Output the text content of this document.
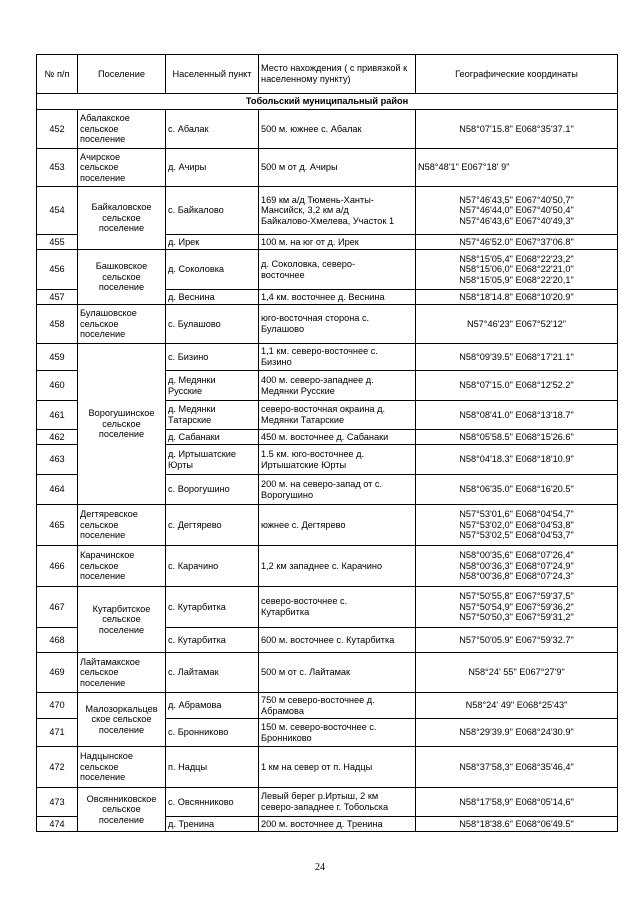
№ п/п	Поселение	Населенный пункт	Место нахождения ( с привязкой к населенному пункту)	Географические координаты
Тобольский муниципальный район				
452	Абалакское
сельское
поселение	с. Абалак	500 м. южнее с. Абалак	N58°07'15.8" E068°35'37.1"
453	Ачирское
сельское
поселение	д. Ачиры	500 м от д. Ачиры	N58°48'1" E067°18' 9"
454	Байкаловское
сельское
поселение	с. Байкалово	169 км а/д Тюмень-Ханты-
Мансийск, 3,2 км а/д
Байкалово-Хмелева, Участок 1	N57°46'43,5" E067°40'50,7"
N57°46'44,0" E067°40'50,4"
N57°46'43,6" E067°40'49,3"
455		д. Ирек	100 м. на юг от д. Ирек	N57°46'52.0" E067°37'06.8"
456	Башковское
сельское
поселение	д. Соколовка	д. Соколовка, северо-
восточнее	N58°15'05,4" E068°22'23,2"
N58°15'06,0" E068°22'21,0"
N58°15'05,9" E068°22'20,1"
457		д. Веснина	1,4 км. восточнее д. Веснина	N58°18'14.8" E068°10'20.9"
458	Булашовское
сельское
поселение	с. Булашово	юго-восточная сторона с.
Булашово	N57°46'23" E067°52'12"
459	Ворогушинское
сельское
поселение	с. Бизино	1,1 км. северо-восточнее с.
Бизино	N58°09'39.5" E068°17'21.1"
460		д. Медянки
Русские	400 м. северо-западнее д.
Медянки Русские	N58°07'15.0" E068°12'52.2"
461		д. Медянки
Татарские	северо-восточная окраина д.
Медянки Татарские	N58°08'41.0" E068°13'18.7"
462		д. Сабанаки	450 м. восточнее д. Сабанаки	N58°05'58.5" E068°15'26.6"
463		д. Иртышатские
Юрты	1.5 км. юго-восточнее д.
Иртышатские Юрты	N58°04'18.3" E068°18'10.9"
464		с. Ворогушино	200 м. на северо-запад от с.
Ворогушино	N58°06'35.0" E068°16'20.5"
465	Дегтяревское
сельское
поселение	с. Дегтярево	южнее с. Дегтярево	N57°53'01,6" E068°04'54,7"
N57°53'02,0" E068°04'53,8"
N57°53'02,5" E068°04'53,7"
466	Карачинское
сельское
поселение	с. Карачино	1,2 км западнее с. Карачино	N58°00'35,6" E068°07'26,4"
N58°00'36,3" E068°07'24,9"
N58°00'36,8" E068°07'24,3"
467	Кутарбитское
сельское
поселение	с. Кутарбитка	северо-восточнее с.
Кутарбитка	N57°50'55,8" E067°59'37,5"
N57°50'54,9" E067°59'36,2"
N57°50'50,3" E067°59'31,2"
468		с. Кутарбитка	600 м. восточнее с. Кутарбитка	N57°50'05.9" E067°59'32.7"
469	Лайтамакское
сельское
поселение	с. Лайтамак	500 м от с. Лайтамак	N58°24' 55" E067°27'9"
470	Малозоркальцев
ское сельское
поселение	д. Абрамова	750 м северо-восточнее д.
Абрамова	N58°24' 49" E068°25'43"
471		с. Бронниково	150 м. северо-восточнее с.
Бронниково	N58°29'39.9" E068°24'30.9"
472	Надцынское
сельское
поселение	п. Надцы	1 км на север от п. Надцы	N58°37'58,3" E068°35'46,4"
473	Овсянниковское
сельское
поселение	с. Овсянниково	Левый берег р.Иртыш, 2 км
северо-западнее г. Тобольска	N58°17'58,9" E068°05'14,6"
474		д. Тренина	200 м. восточнее д. Тренина	N58°18'38.6" E068°06'49.5"
24
